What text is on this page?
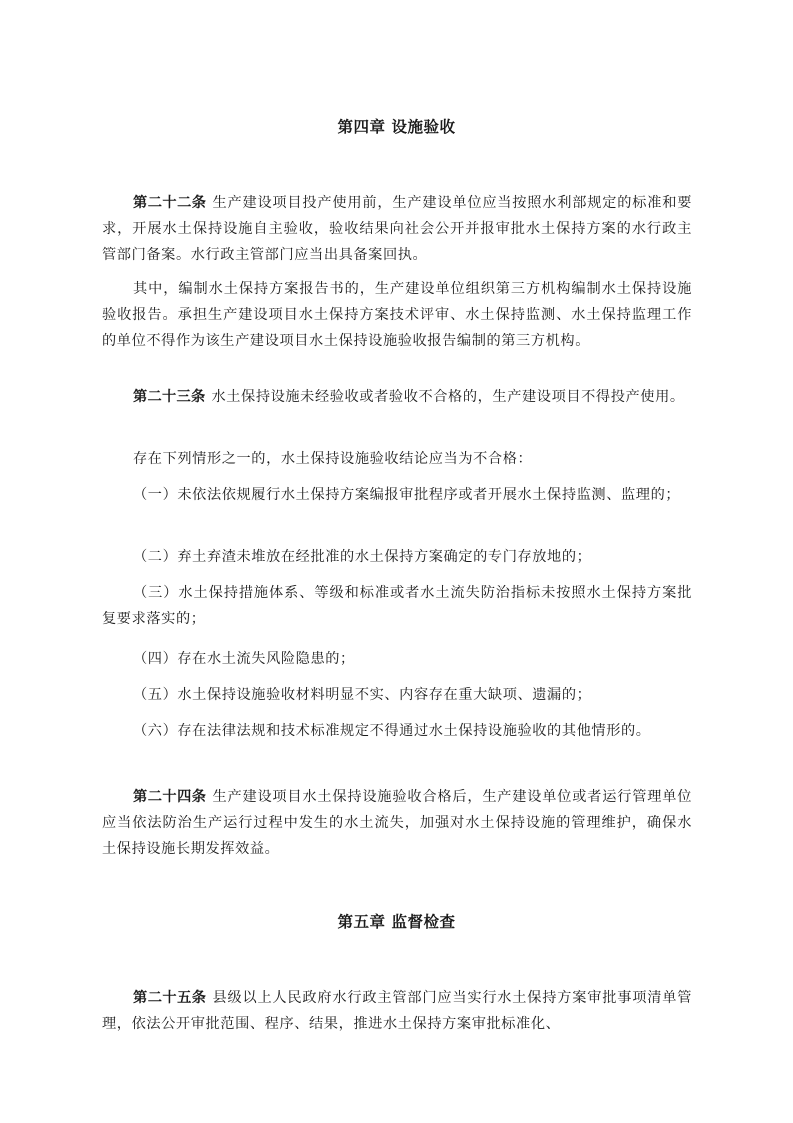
第四章 设施验收

第二十二条 生产建设项目投产使用前，生产建设单位应当按照水利部规定的标准和要求，开展水土保持设施自主验收，验收结果向社会公开并报审批水土保持方案的水行政主管部门备案。水行政主管部门应当出具备案回执。

其中，编制水土保持方案报告书的，生产建设单位组织第三方机构编制水土保持设施验收报告。承担生产建设项目水土保持方案技术评审、水土保持监测、水土保持监理工作的单位不得作为该生产建设项目水土保持设施验收报告编制的第三方机构。

第二十三条 水土保持设施未经验收或者验收不合格的，生产建设项目不得投产使用。

存在下列情形之一的，水土保持设施验收结论应当为不合格：

（一）未依法依规履行水土保持方案编报审批程序或者开展水土保持监测、监理的；

（二）弃土弃渣未堆放在经批准的水土保持方案确定的专门存放地的；

（三）水土保持措施体系、等级和标准或者水土流失防治指标未按照水土保持方案批复要求落实的；

（四）存在水土流失风险隐患的；

（五）水土保持设施验收材料明显不实、内容存在重大缺项、遗漏的；

（六）存在法律法规和技术标准规定不得通过水土保持设施验收的其他情形的。

第二十四条 生产建设项目水土保持设施验收合格后，生产建设单位或者运行管理单位应当依法防治生产运行过程中发生的水土流失，加强对水土保持设施的管理维护，确保水土保持设施长期发挥效益。

第五章 监督检查

第二十五条 县级以上人民政府水行政主管部门应当实行水土保持方案审批事项清单管理，依法公开审批范围、程序、结果，推进水土保持方案审批标准化、
